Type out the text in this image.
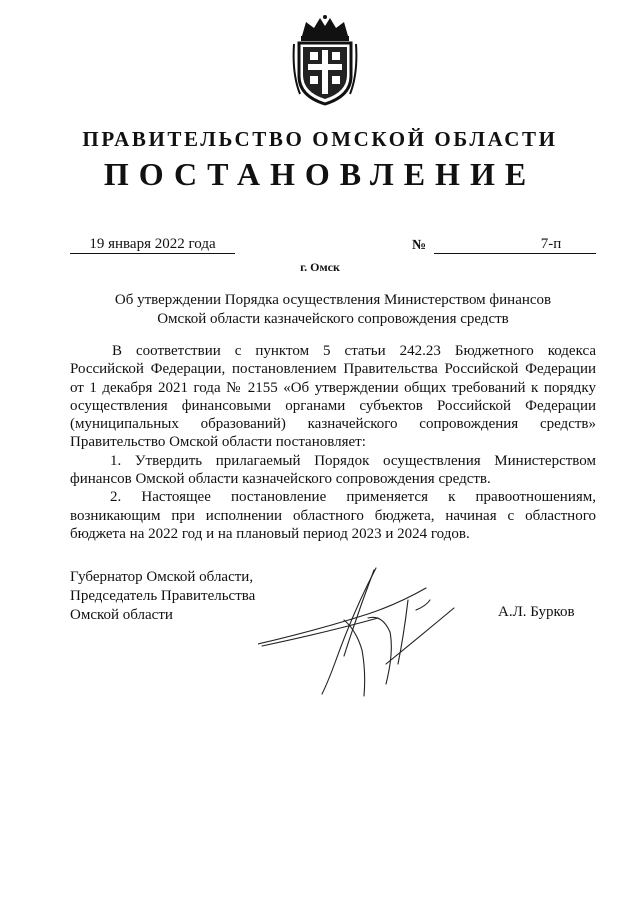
ПРАВИТЕЛЬСТВО ОМСКОЙ ОБЛАСТИ
ПОСТАНОВЛЕНИЕ
19 января 2022 года	№	7-п
г. Омск
Об утверждении Порядка осуществления Министерством финансов
Омской области казначейского сопровождения средств
В соответствии с пунктом 5 статьи 242.23 Бюджетного кодекса
Российской Федерации, постановлением Правительства Российской Федерации
от 1 декабря 2021 года № 2155 «Об утверждении общих требований к порядку
осуществления финансовыми органами субъектов Российской Федерации
(муниципальных образований) казначейского сопровождения средств»
Правительство Омской области постановляет:
1. Утвердить прилагаемый Порядок осуществления Министерством
финансов Омской области казначейского сопровождения средств.
2. Настоящее постановление применяется к правоотношениям,
возникающим при исполнении областного бюджета, начиная с областного
бюджета на 2022 год и на плановый период 2023 и 2024 годов.
Губернатор Омской области,
Председатель Правительства
Омской области	А.Л. Бурков
